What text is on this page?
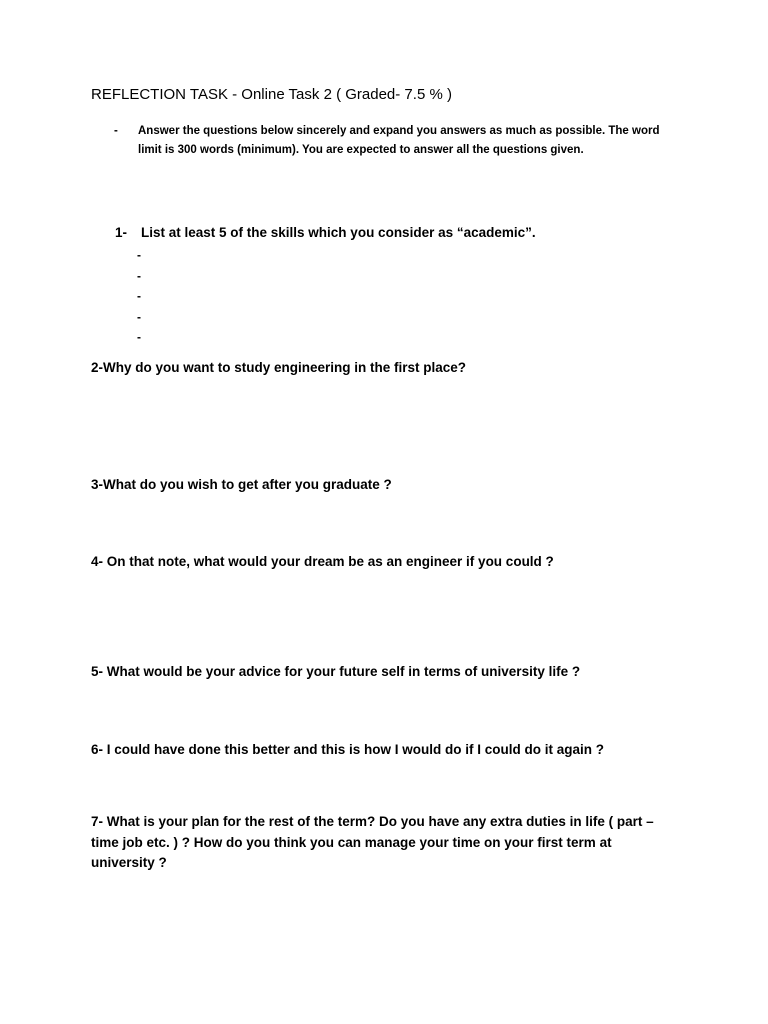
REFLECTION TASK - Online Task 2 ( Graded- 7.5 % )
- Answer the questions below sincerely and expand you answers as much as possible. The word limit is 300 words (minimum). You are expected to answer all the questions given.
1- List at least 5 of the skills which you consider as “academic”.
-
-
-
-
-
2-Why do you want to study engineering in the first place?
3-What do you wish to get after you graduate ?
4- On that note, what would your dream be as an engineer if you could ?
5- What would be your advice for your future self in terms of university life ?
6- I could have done this better and this is how I would do if I could do it again ?
7- What is your plan for the rest of the term? Do you have any extra duties in life ( part – time job etc. ) ? How do you think you can manage your time on your first term at university ?
